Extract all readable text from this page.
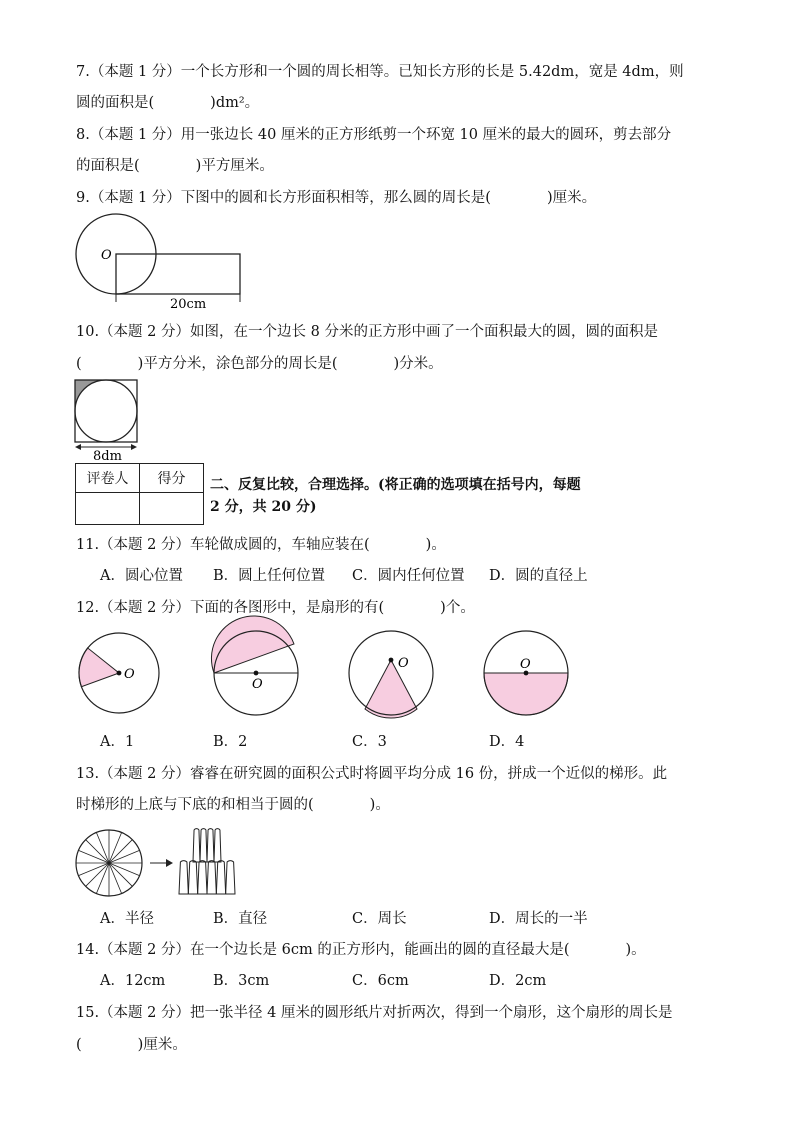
7.（本题 1 分）一个长方形和一个圆的周长相等。已知长方形的长是 5.42dm，宽是 4dm，则
圆的面积是(	)dm²。
8.（本题 1 分）用一张边长 40 厘米的正方形纸剪一个环宽 10 厘米的最大的圆环，剪去部分
的面积是(	)平方厘米。
9.（本题 1 分）下图中的圆和长方形面积相等，那么圆的周长是(	)厘米。
O
20cm
10.（本题 2 分）如图，在一个边长 8 分米的正方形中画了一个面积最大的圆，圆的面积是
(	)平方分米，涂色部分的周长是(	)分米。
8dm
评卷人	得分
	二、反复比较，合理选择。(将正确的选项填在括号内，每题
2 分，共 20 分)
11.（本题 2 分）车轮做成圆的，车轴应装在(	)。
A．圆心位置 B．圆上任何位置 C．圆内任何位置 D．圆的直径上
12.（本题 2 分）下面的各图形中，是扇形的有(	)个。
O
O
O	O
A．1	B．2	C．3	D．4
13.（本题 2 分）睿睿在研究圆的面积公式时将圆平均分成 16 份，拼成一个近似的梯形。此
时梯形的上底与下底的和相当于圆的(	)。
A．半径	B．直径	C．周长	D．周长的一半
14.（本题 2 分）在一个边长是 6cm 的正方形内，能画出的圆的直径最大是(	)。
A．12cm	B．3cm	C．6cm	D．2cm
15.（本题 2 分）把一张半径 4 厘米的圆形纸片对折两次，得到一个扇形，这个扇形的周长是
(	)厘米。
